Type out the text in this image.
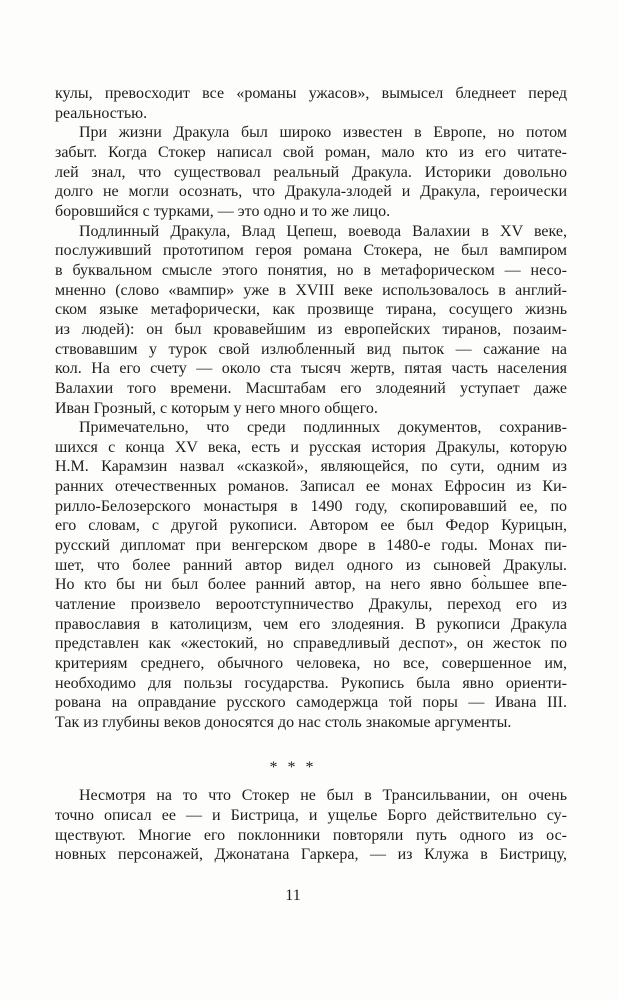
кулы, превосходит все «романы ужасов», вымысел бледнеет перед
реальностью.
При жизни Дракула был широко известен в Европе, но потом
забыт. Когда Стокер написал свой роман, мало кто из его читате-
лей знал, что существовал реальный Дракула. Историки довольно
долго не могли осознать, что Дракула-злодей и Дракула, героически
боровшийся с турками, — это одно и то же лицо.
Подлинный Дракула, Влад Цепеш, воевода Валахии в XV веке,
послуживший прототипом героя романа Стокера, не был вампиром
в буквальном смысле этого понятия, но в метафорическом — несо-
мненно (слово «вампир» уже в XVIII веке использовалось в англий-
ском языке метафорически, как прозвище тирана, сосущего жизнь
из людей): он был кровавейшим из европейских тиранов, позаим-
ствовавшим у турок свой излюбленный вид пыток — сажание на
кол. На его счету — около ста тысяч жертв, пятая часть населения
Валахии того времени. Масштабам его злодеяний уступает даже
Иван Грозный, с которым у него много общего.
Примечательно, что среди подлинных документов, сохранив-
шихся с конца XV века, есть и русская история Дракулы, которую
Н.М. Карамзин назвал «сказкой», являющейся, по сути, одним из
ранних отечественных романов. Записал ее монах Ефросин из Ки-
рилло-Белозерского монастыря в 1490 году, скопировавший ее, по
его словам, с другой рукописи. Автором ее был Федор Курицын,
русский дипломат при венгерском дворе в 1480-е годы. Монах пи-
шет, что более ранний автор видел одного из сыновей Дракулы.
Но кто бы ни был более ранний автор, на него явно бо̀льшее впе-
чатление произвело вероотступничество Дракулы, переход его из
православия в католицизм, чем его злодеяния. В рукописи Дракула
представлен как «жестокий, но справедливый деспот», он жесток по
критериям среднего, обычного человека, но все, совершенное им,
необходимо для пользы государства. Рукопись была явно ориенти-
рована на оправдание русского самодержца той поры — Ивана III.
Так из глубины веков доносятся до нас столь знакомые аргументы.
* * *
Несмотря на то что Стокер не был в Трансильвании, он очень
точно описал ее — и Бистрица, и ущелье Борго действительно су-
ществуют. Многие его поклонники повторяли путь одного из ос-
новных персонажей, Джонатана Гаркера, — из Клужа в Бистрицу,
11
